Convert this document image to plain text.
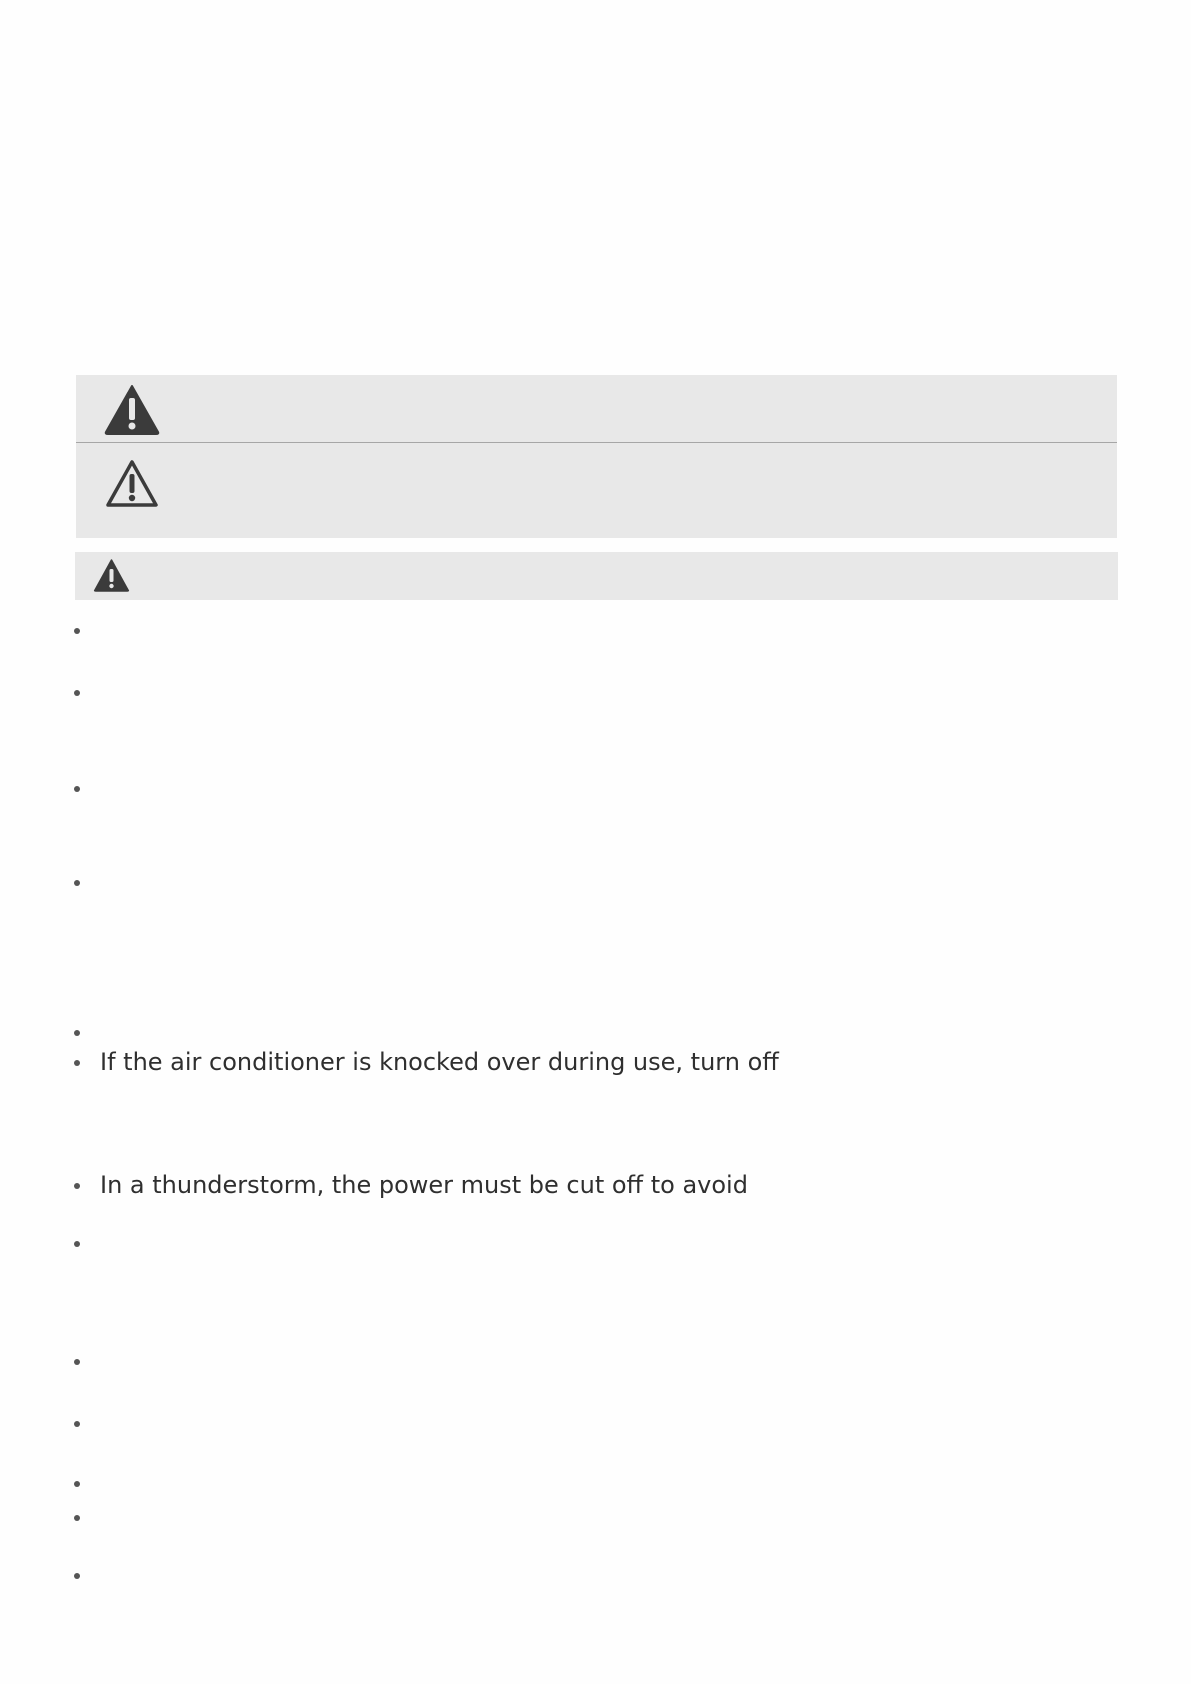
If the air conditioner is knocked over during use, turn off
In a thunderstorm, the power must be cut off to avoid
